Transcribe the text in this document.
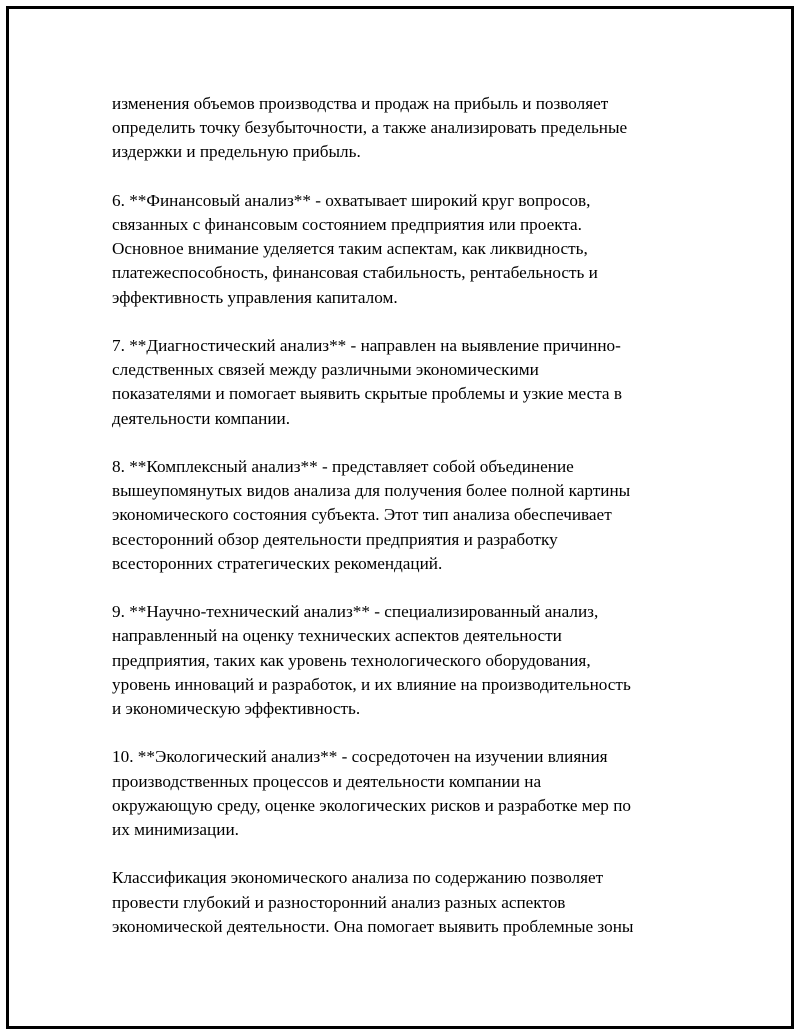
изменения объемов производства и продаж на прибыль и позволяет
определить точку безубыточности, а также анализировать предельные
издержки и предельную прибыль.

6. **Финансовый анализ** - охватывает широкий круг вопросов,
связанных с финансовым состоянием предприятия или проекта.
Основное внимание уделяется таким аспектам, как ликвидность,
платежеспособность, финансовая стабильность, рентабельность и
эффективность управления капиталом.

7. **Диагностический анализ** - направлен на выявление причинно-
следственных связей между различными экономическими
показателями и помогает выявить скрытые проблемы и узкие места в
деятельности компании.

8. **Комплексный анализ** - представляет собой объединение
вышеупомянутых видов анализа для получения более полной картины
экономического состояния субъекта. Этот тип анализа обеспечивает
всесторонний обзор деятельности предприятия и разработку
всесторонних стратегических рекомендаций.

9. **Научно-технический анализ** - специализированный анализ,
направленный на оценку технических аспектов деятельности
предприятия, таких как уровень технологического оборудования,
уровень инноваций и разработок, и их влияние на производительность
и экономическую эффективность.

10. **Экологический анализ** - сосредоточен на изучении влияния
производственных процессов и деятельности компании на
окружающую среду, оценке экологических рисков и разработке мер по
их минимизации.

Классификация экономического анализа по содержанию позволяет
провести глубокий и разносторонний анализ разных аспектов
экономической деятельности. Она помогает выявить проблемные зоны
